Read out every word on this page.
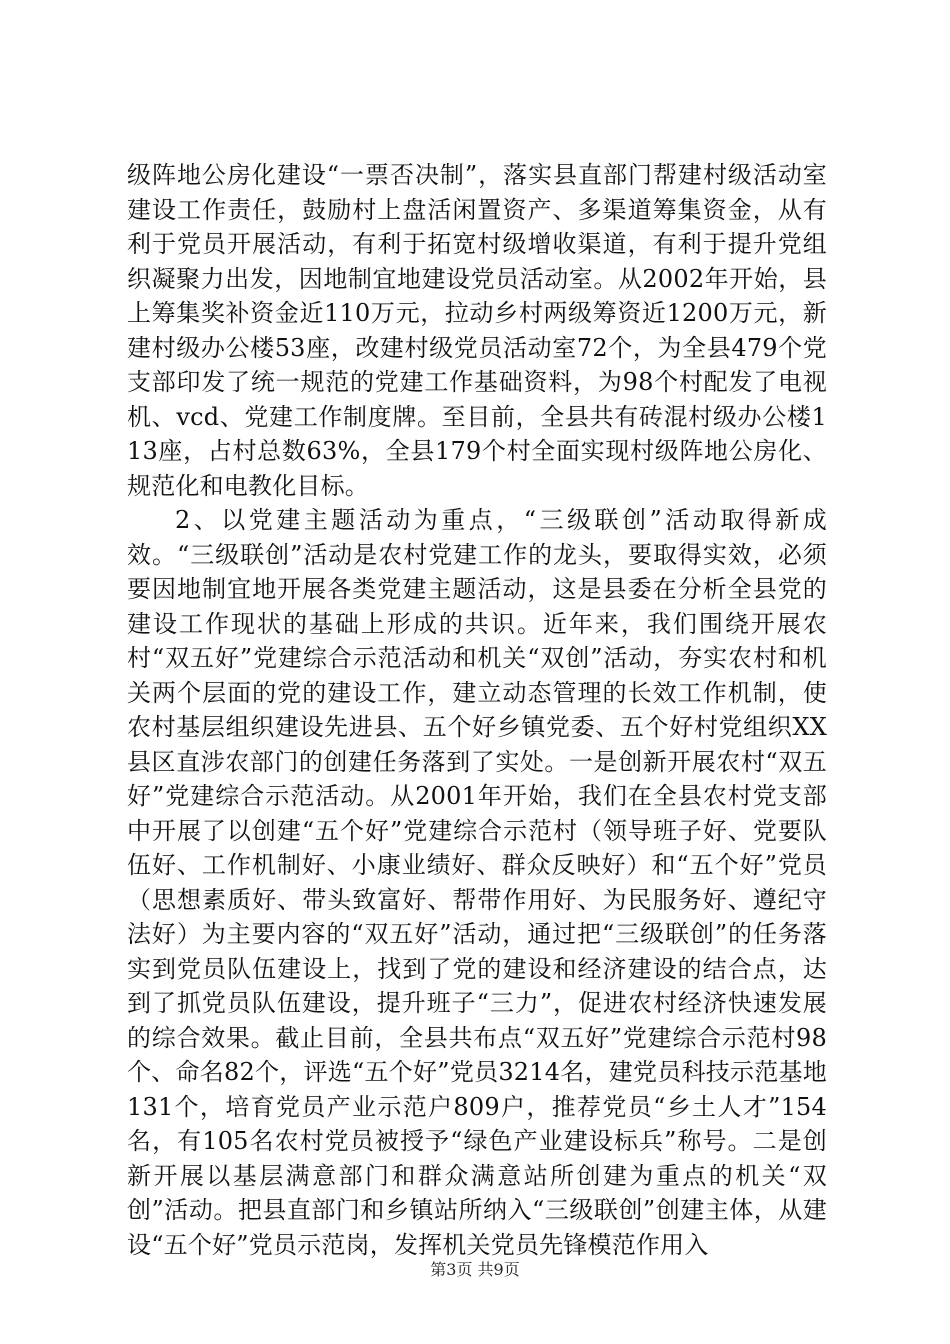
级阵地公房化建设“一票否决制”，落实县直部门帮建村级活动室建设工作责任，鼓励村上盘活闲置资产、多渠道筹集资金，从有利于党员开展活动，有利于拓宽村级增收渠道，有利于提升党组织凝聚力出发，因地制宜地建设党员活动室。从2002年开始，县上筹集奖补资金近110万元，拉动乡村两级筹资近1200万元，新建村级办公楼53座，改建村级党员活动室72个，为全县479个党支部印发了统一规范的党建工作基础资料，为98个村配发了电视机、vcd、党建工作制度牌。至目前，全县共有砖混村级办公楼113座，占村总数63%，全县179个村全面实现村级阵地公房化、规范化和电教化目标。

2、以党建主题活动为重点，“三级联创”活动取得新成效。“三级联创”活动是农村党建工作的龙头，要取得实效，必须要因地制宜地开展各类党建主题活动，这是县委在分析全县党的建设工作现状的基础上形成的共识。近年来，我们围绕开展农村“双五好”党建综合示范活动和机关“双创”活动，夯实农村和机关两个层面的党的建设工作，建立动态管理的长效工作机制，使农村基层组织建设先进县、五个好乡镇党委、五个好村党组织XX县区直涉农部门的创建任务落到了实处。一是创新开展农村“双五好”党建综合示范活动。从2001年开始，我们在全县农村党支部中开展了以创建“五个好”党建综合示范村（领导班子好、党要队伍好、工作机制好、小康业绩好、群众反映好）和“五个好”党员（思想素质好、带头致富好、帮带作用好、为民服务好、遵纪守法好）为主要内容的“双五好”活动，通过把“三级联创”的任务落实到党员队伍建设上，找到了党的建设和经济建设的结合点，达到了抓党员队伍建设，提升班子“三力”，促进农村经济快速发展的综合效果。截止目前，全县共布点“双五好”党建综合示范村98个、命名82个，评选“五个好”党员3214名，建党员科技示范基地131个，培育党员产业示范户809户，推荐党员“乡土人才”154名，有105名农村党员被授予“绿色产业建设标兵”称号。二是创新开展以基层满意部门和群众满意站所创建为重点的机关“双创”活动。把县直部门和乡镇站所纳入“三级联创”创建主体，从建设“五个好”党员示范岗，发挥机关党员先锋模范作用入

第3页 共9页
